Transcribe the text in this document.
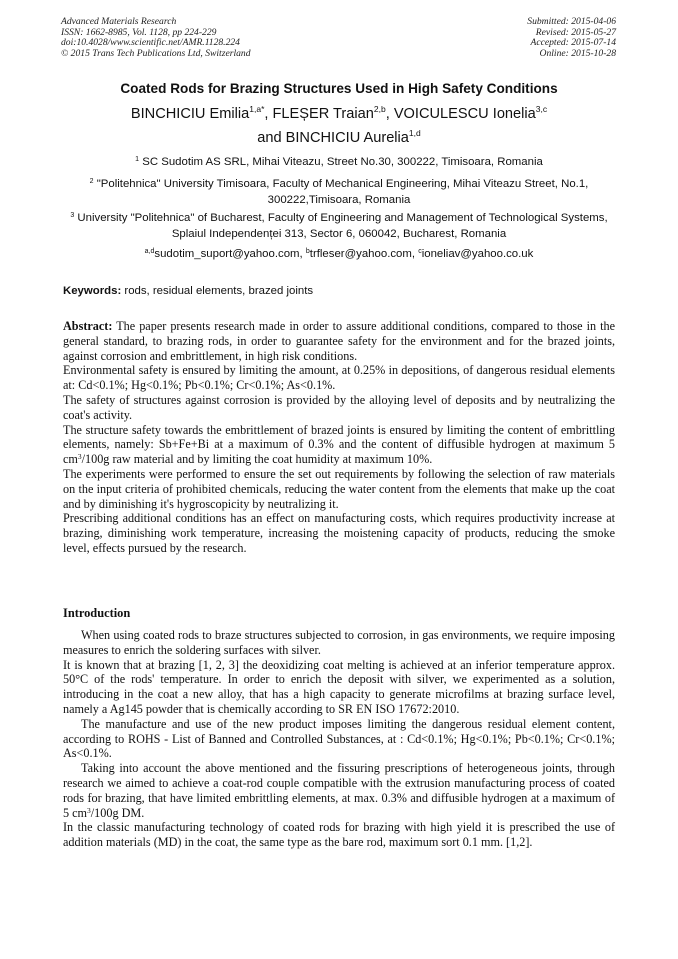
Advanced Materials Research
ISSN: 1662-8985, Vol. 1128, pp 224-229
doi:10.4028/www.scientific.net/AMR.1128.224
© 2015 Trans Tech Publications Ltd, Switzerland
Submitted: 2015-04-06
Revised: 2015-05-27
Accepted: 2015-07-14
Online: 2015-10-28
Coated Rods for Brazing Structures Used in High Safety Conditions
BINCHICIU Emilia$^{1,a*}$, FLEȘER Traian$^{2,b}$, VOICULESCU Ionelia$^{3,c}$
and BINCHICIU Aurelia$^{1,d}$
$^1$ SC Sudotim AS SRL, Mihai Viteazu, Street No.30, 300222, Timisoara, Romania
$^2$ "Politehnica" University Timisoara, Faculty of Mechanical Engineering, Mihai Viteazu Street, No.1, 300222,Timisoara, Romania
$^3$ University "Politehnica" of Bucharest, Faculty of Engineering and Management of Technological Systems, Splaiul Independenței 313, Sector 6, 060042, Bucharest, Romania
$^{a,d}$sudotim_suport@yahoo.com, $^b$trfleser@yahoo.com, $^c$ioneliav@yahoo.co.uk
Keywords: rods, residual elements, brazed joints

Abstract: The paper presents research made in order to assure additional conditions, compared to those in the general standard, to brazing rods, in order to guarantee safety for the environment and for the brazed joints, against corrosion and embrittlement, in high risk conditions.

Environmental safety is ensured by limiting the amount, at 0.25% in depositions, of dangerous residual elements at: Cd<0.1%; Hg<0.1%; Pb<0.1%; Cr<0.1%; As<0.1%.

The safety of structures against corrosion is provided by the alloying level of deposits and by neutralizing the coat's activity.

The structure safety towards the embrittlement of brazed joints is ensured by limiting the content of embrittling elements, namely: Sb+Fe+Bi at a maximum of 0.3% and the content of diffusible hydrogen at maximum 5 $cm^3/100g$ raw material and by limiting the coat humidity at maximum 10%.

The experiments were performed to ensure the set out requirements by following the selection of raw materials on the input criteria of prohibited chemicals, reducing the water content from the elements that make up the coat and by diminishing it's hygroscopicity by neutralizing it.

Prescribing additional conditions has an effect on manufacturing costs, which requires productivity increase at brazing, diminishing work temperature, increasing the moistening capacity of products, reducing the smoke level, effects pursued by the research.

Introduction

When using coated rods to braze structures subjected to corrosion, in gas environments, we require imposing measures to enrich the soldering surfaces with silver.

It is known that at brazing [1, 2, 3] the deoxidizing coat melting is achieved at an inferior temperature approx. 50°C of the rods' temperature. In order to enrich the deposit with silver, we experimented as a solution, introducing in the coat a new alloy, that has a high capacity to generate microfilms at brazing surface level, namely a Ag145 powder that is chemically according to SR EN ISO 17672:2010.

The manufacture and use of the new product imposes limiting the dangerous residual element content, according to ROHS - List of Banned and Controlled Substances, at : Cd<0.1%; Hg<0.1%; Pb<0.1%; Cr<0.1%; As<0.1%.

Taking into account the above mentioned and the fissuring prescriptions of heterogeneous joints, through research we aimed to achieve a coat-rod couple compatible with the extrusion manufacturing process of coated rods for brazing, that have limited embrittling elements, at max. 0.3% and diffusible hydrogen at a maximum of 5 $cm^3/100g$ DM.

In the classic manufacturing technology of coated rods for brazing with high yield it is prescribed the use of addition materials (MD) in the coat, the same type as the bare rod, maximum sort 0.1 mm. [1,2].
